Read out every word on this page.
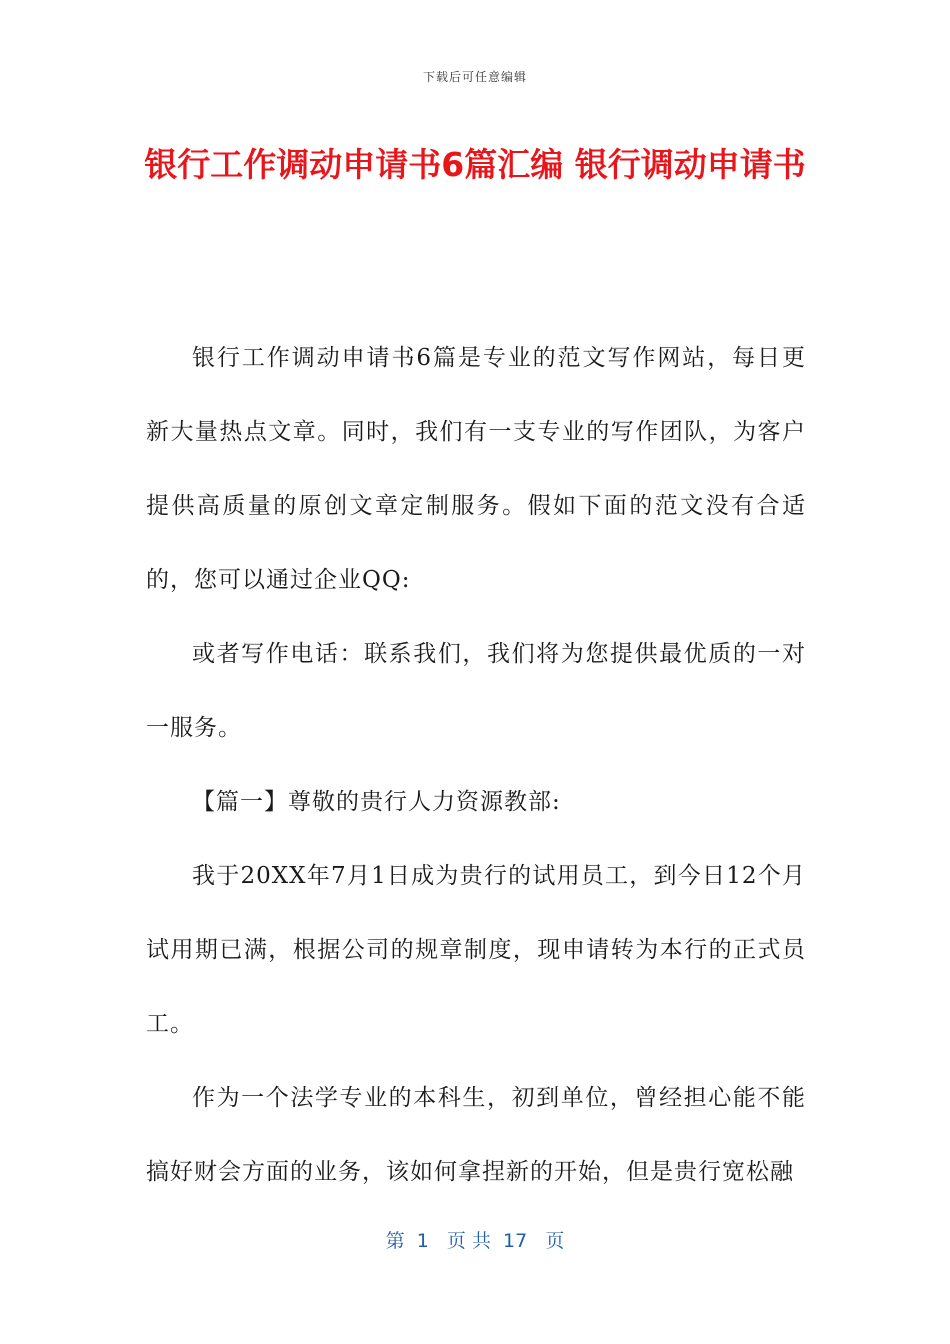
下载后可任意编辑
银行工作调动申请书6篇汇编 银行调动申请书

银行工作调动申请书6篇是专业的范文写作网站，每日更新大量热点文章。同时，我们有一支专业的写作团队，为客户提供高质量的原创文章定制服务。假如下面的范文没有合适的，您可以通过企业QQ:

或者写作电话：联系我们，我们将为您提供最优质的一对一服务。

【篇一】尊敬的贵行人力资源教部:

我于20XX年7月1日成为贵行的试用员工，到今日12个月试用期已满，根据公司的规章制度，现申请转为本行的正式员工。

作为一个法学专业的本科生，初到单位，曾经担心能不能搞好财会方面的业务，该如何拿捏新的开始，但是贵行宽松融

第  1   页 共  17   页
